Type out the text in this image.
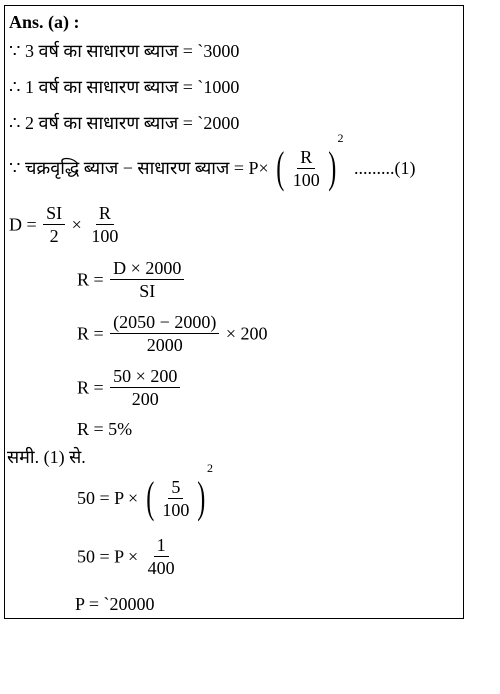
Ans. (a) :
∵ 3 वर्ष का साधारण ब्याज = `3000
∴ 1 वर्ष का साधारण ब्याज = `1000
∴ 2 वर्ष का साधारण ब्याज = `2000
∵ चक्रवृद्धि ब्याज − साधारण ब्याज = P× ( $\frac{R}{100}$ )
$^2$ .........(1)
$D = \frac{SI}{2} \times \frac{R}{100}$
$R = \frac{D \times 2000}{SI}$
$R = \frac{(2050 - 2000)}{2000} \times 200$
$R = \frac{50 \times 200}{200}$
R = 5%
समी. (1) से.
50 = P × ( $\frac{5}{100}$ )
$^2$
$50 = P \times \frac{1}{400}$
P = `20000
